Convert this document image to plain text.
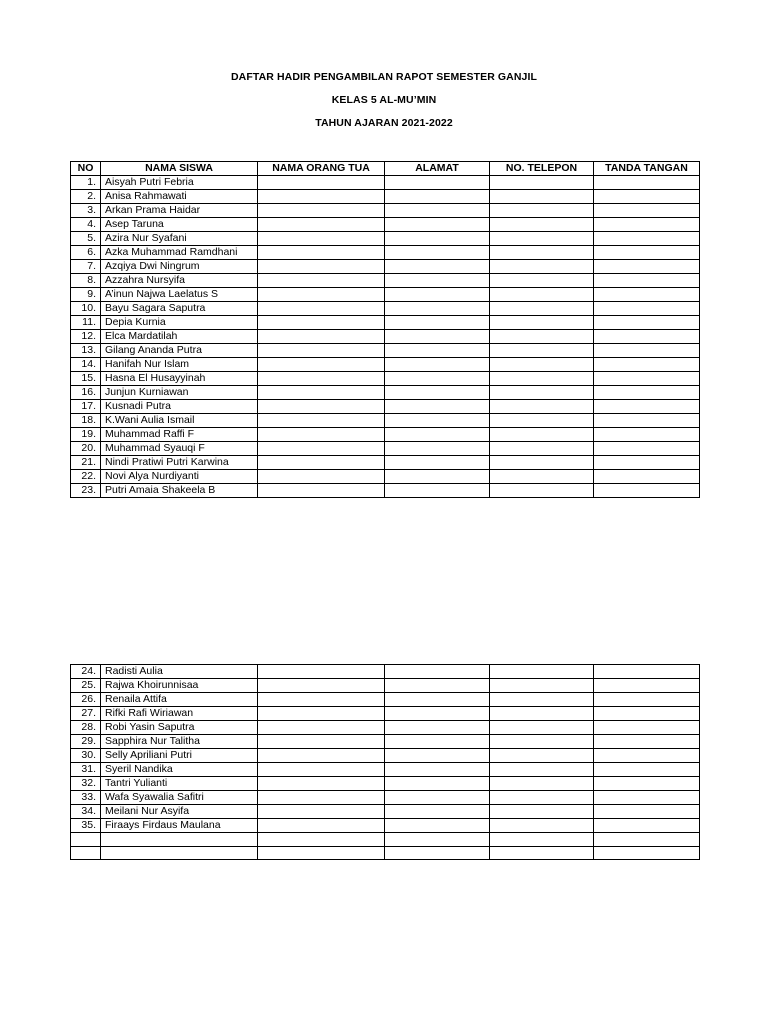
DAFTAR HADIR PENGAMBILAN RAPOT SEMESTER GANJIL
KELAS 5 AL-MU’MIN
TAHUN AJARAN 2021-2022
NO	NAMA SISWA	NAMA ORANG TUA	ALAMAT	NO. TELEPON	TANDA TANGAN
1.	Aisyah Putri Febria				
2.	Anisa Rahmawati				
3.	Arkan Prama Haidar				
4.	Asep Taruna				
5.	Azira Nur Syafani				
6.	Azka Muhammad Ramdhani				
7.	Azqiya Dwi Ningrum				
8.	Azzahra Nursyifa				
9.	A’inun Najwa Laelatus S				
10.	Bayu Sagara Saputra				
11.	Depia Kurnia				
12.	Elca Mardatilah				
13.	Gilang Ananda Putra				
14.	Hanifah Nur Islam				
15.	Hasna El Husayyinah				
16.	Junjun Kurniawan				
17.	Kusnadi Putra				
18.	K.Wani Aulia Ismail				
19.	Muhammad Raffi F				
20.	Muhammad Syauqi F				
21.	Nindi Pratiwi Putri Karwina				
22.	Novi Alya Nurdiyanti				
23.	Putri Amaia Shakeela B				
24.	Radisti Aulia				
25.	Rajwa Khoirunnisaa				
26.	Renaila Attifa				
27.	Rifki Rafi Wiriawan				
28.	Robi Yasin Saputra				
29.	Sapphira Nur Talitha				
30.	Selly Apriliani Putri				
31.	Syeril Nandika				
32.	Tantri Yulianti				
33.	Wafa Syawalia Safitri				
34.	Meilani Nur Asyifa				
35.	Firaays Firdaus Maulana				
